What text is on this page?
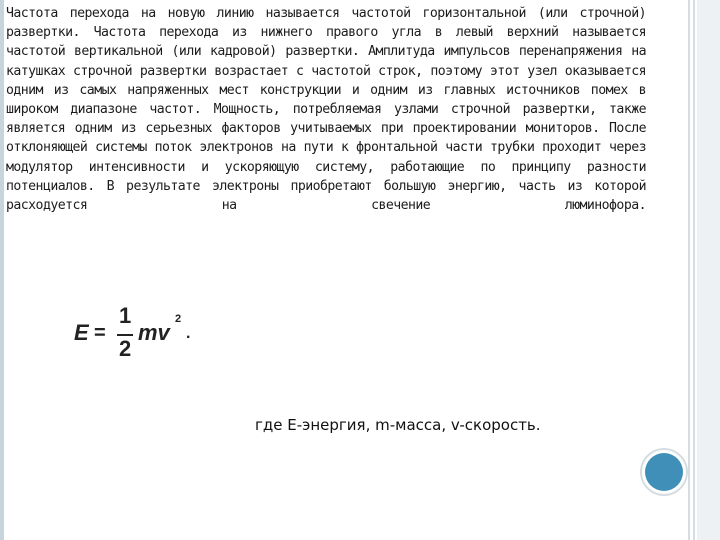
Частота перехода на новую линию называется частотой горизонтальной (или строчной) развертки. Частота перехода из нижнего правого угла в левый верхний называется частотой вертикальной (или кадровой) развертки. Амплитуда импульсов перенапряжения на катушках строчной развертки возрастает с частотой строк, поэтому этот узел оказывается одним из самых напряженных мест конструкции и одним из главных источников помех в широком диапазоне частот. Мощность, потребляемая узлами строчной развертки, также является одним из серьезных факторов учитываемых при проектировании мониторов. После отклоняющей системы поток электронов на пути к фронтальной части трубки проходит через модулятор интенсивности и ускоряющую систему, работающие по принципу разности потенциалов. В результате электроны приобретают большую энергию, часть из которой расходуется на свечение люминофора.

E =
1
2
mv
2
.
где E-энергия, m-масса, v-скорость.
